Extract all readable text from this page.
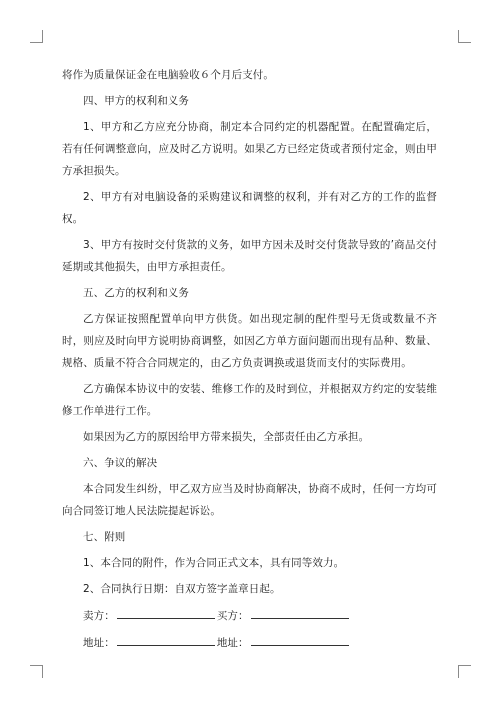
将作为质量保证金在电脑验收６个月后支付。

四、甲方的权利和义务

1、甲方和乙方应充分协商，制定本合同约定的机器配置。在配置确定后，若有任何调整意向，应及时乙方说明。如果乙方已经定货或者预付定金，则由甲方承担损失。

2、甲方有对电脑设备的采购建议和调整的权利，并有对乙方的工作的监督权。

3、甲方有按时交付货款的义务，如甲方因未及时交付货款导致的’商品交付延期或其他损失，由甲方承担责任。

五、乙方的权利和义务

乙方保证按照配置单向甲方供货。如出现定制的配件型号无货或数量不齐时，则应及时向甲方说明协商调整，如因乙方单方面问题而出现有品种、数量、规格、质量不符合合同规定的，由乙方负责调换或退货而支付的实际费用。

乙方确保本协议中的安装、维修工作的及时到位，并根据双方约定的安装维修工作单进行工作。

如果因为乙方的原因给甲方带来损失，全部责任由乙方承担。

六、争议的解决

本合同发生纠纷，甲乙双方应当及时协商解决，协商不成时，任何一方均可向合同签订地人民法院提起诉讼。

七、附则

1、本合同的附件，作为合同正式文本，具有同等效力。

2、合同执行日期：自双方签字盖章日起。

卖方：	买方：
地址：	地址：
